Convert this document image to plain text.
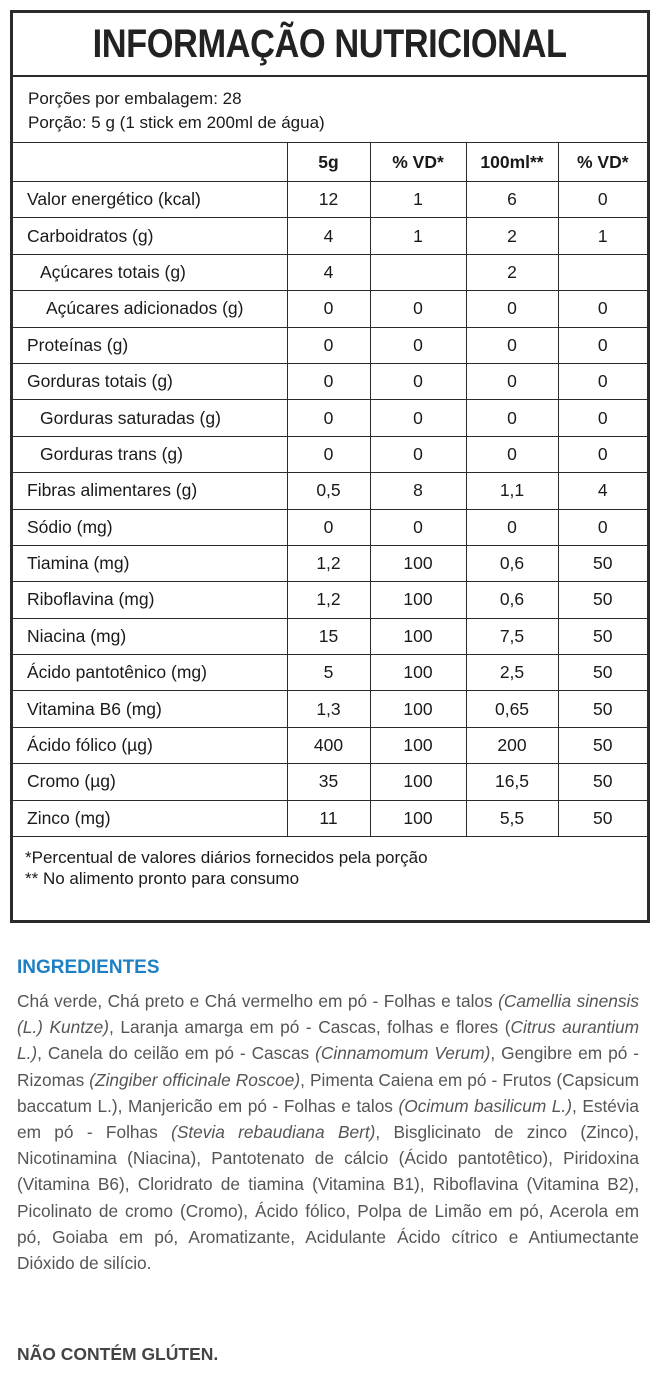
INFORMAÇÃO NUTRICIONAL
Porções por embalagem: 28
Porção: 5 g (1 stick em 200ml de água)
	5g	% VD*	100ml**	% VD*
Valor energético (kcal)	12	1	6	0
Carboidratos (g)	4	1	2	1
Açúcares totais (g)	4		2	
Açúcares adicionados (g)	0	0	0	0
Proteínas (g)	0	0	0	0
Gorduras totais (g)	0	0	0	0
Gorduras saturadas (g)	0	0	0	0
Gorduras trans (g)	0	0	0	0
Fibras alimentares (g)	0,5	8	1,1	4
Sódio (mg)	0	0	0	0
Tiamina (mg)	1,2	100	0,6	50
Riboflavina (mg)	1,2	100	0,6	50
Niacina (mg)	15	100	7,5	50
Ácido pantotênico (mg)	5	100	2,5	50
Vitamina B6 (mg)	1,3	100	0,65	50
Ácido fólico (µg)	400	100	200	50
Cromo (µg)	35	100	16,5	50
Zinco (mg)	11	100	5,5	50
*Percentual de valores diários fornecidos pela porção
** No alimento pronto para consumo
INGREDIENTES
Chá verde, Chá preto e Chá vermelho em pó - Folhas e talos (Camellia sinensis (L.) Kuntze), Laranja amarga em pó - Cascas, folhas e flores (Citrus aurantium L.), Canela do ceilão em pó - Cascas (Cinnamomum Verum), Gengibre em pó - Rizomas (Zingiber officinale Roscoe), Pimenta Caiena em pó - Frutos (Capsicum baccatum L.), Manjericão em pó - Folhas e talos (Ocimum basilicum L.), Estévia em pó - Folhas (Stevia rebaudiana Bert), Bisglicinato de zinco (Zinco), Nicotinamina (Niacina), Pantotenato de cálcio (Ácido pantotêtico), Piridoxina (Vitamina B6), Cloridrato de tiamina (Vitamina B1), Riboflavina (Vitamina B2), Picolinato de cromo (Cromo), Ácido fólico, Polpa de Limão em pó, Acerola em pó, Goiaba em pó, Aromatizante, Acidulante Ácido cítrico e Antiumectante Dióxido de silício.
NÃO CONTÉM GLÚTEN.
